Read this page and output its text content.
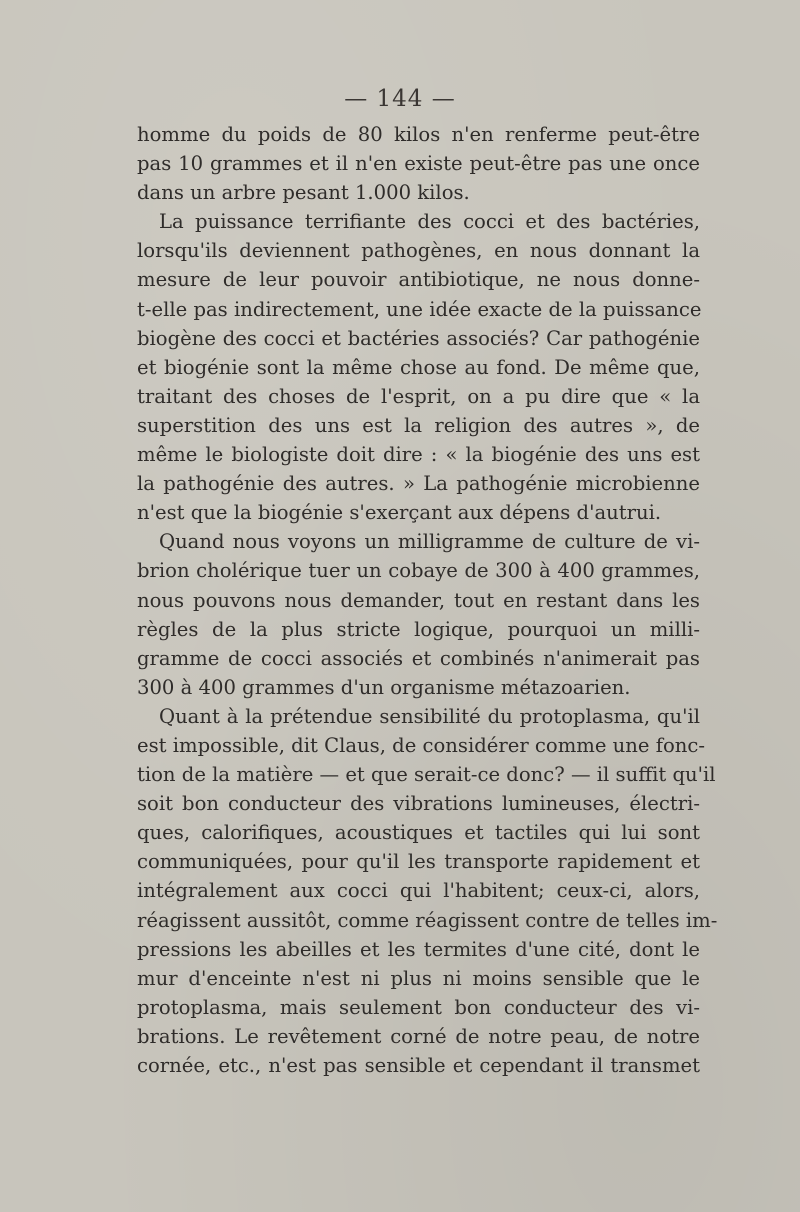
— 144 —
homme du poids de 80 kilos n'en renferme peut-être
pas 10 grammes et il n'en existe peut-être pas une once
dans un arbre pesant 1.000 kilos.
La puissance terrifiante des cocci et des bactéries,
lorsqu'ils deviennent pathogènes, en nous donnant la
mesure de leur pouvoir antibiotique, ne nous donne-
t-elle pas indirectement, une idée exacte de la puissance
biogène des cocci et bactéries associés? Car pathogénie
et biogénie sont la même chose au fond. De même que,
traitant des choses de l'esprit, on a pu dire que « la
superstition des uns est la religion des autres », de
même le biologiste doit dire : « la biogénie des uns est
la pathogénie des autres. » La pathogénie microbienne
n'est que la biogénie s'exerçant aux dépens d'autrui.
Quand nous voyons un milligramme de culture de vi-
brion cholérique tuer un cobaye de 300 à 400 grammes,
nous pouvons nous demander, tout en restant dans les
règles de la plus stricte logique, pourquoi un milli-
gramme de cocci associés et combinés n'animerait pas
300 à 400 grammes d'un organisme métazoarien.
Quant à la prétendue sensibilité du protoplasma, qu'il
est impossible, dit Claus, de considérer comme une fonc-
tion de la matière — et que serait-ce donc? — il suffit qu'il
soit bon conducteur des vibrations lumineuses, électri-
ques, calorifiques, acoustiques et tactiles qui lui sont
communiquées, pour qu'il les transporte rapidement et
intégralement aux cocci qui l'habitent; ceux-ci, alors,
réagissent aussitôt, comme réagissent contre de telles im-
pressions les abeilles et les termites d'une cité, dont le
mur d'enceinte n'est ni plus ni moins sensible que le
protoplasma, mais seulement bon conducteur des vi-
brations. Le revêtement corné de notre peau, de notre
cornée, etc., n'est pas sensible et cependant il transmet
